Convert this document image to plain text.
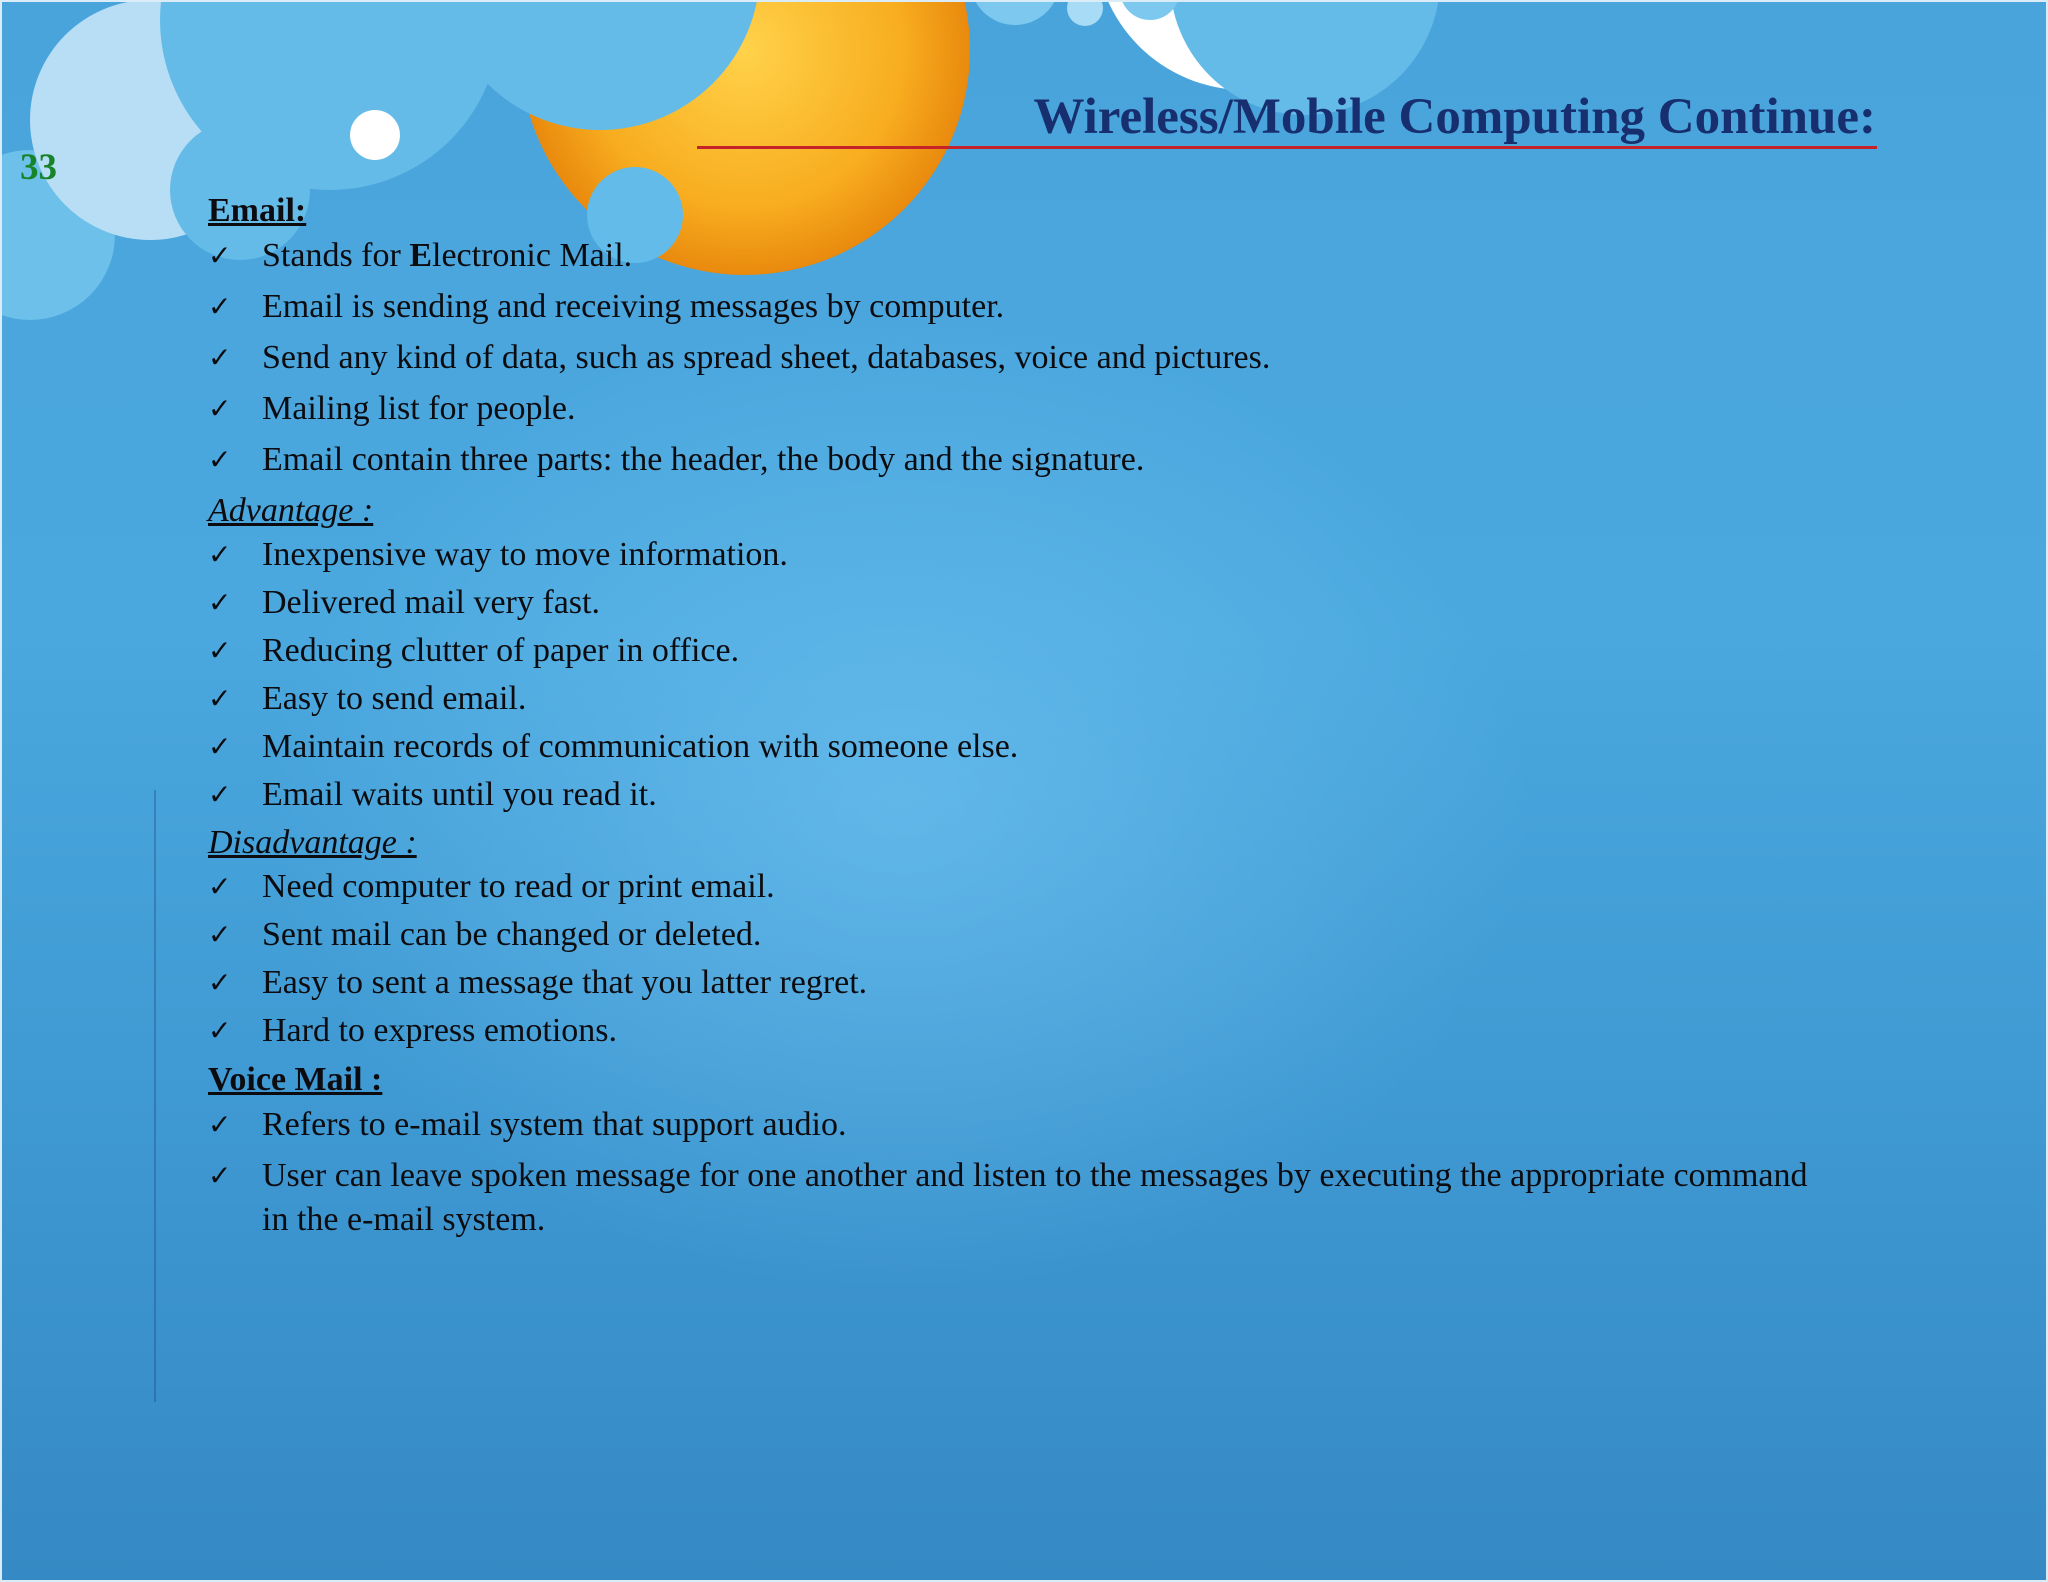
33
Wireless/Mobile Computing Continue:
Email:
✓ Stands for Electronic Mail.
✓ Email is sending and receiving messages by computer.
✓ Send any kind of data, such as spread sheet, databases, voice and pictures.
✓ Mailing list for people.
✓ Email contain three parts: the header, the body and the signature.
Advantage :
✓ Inexpensive way to move information.
✓ Delivered mail very fast.
✓ Reducing clutter of paper in office.
✓ Easy to send email.
✓ Maintain records of communication with someone else.
✓ Email waits until you read it.
Disadvantage :
✓ Need computer to read or print email.
✓ Sent mail can be changed or deleted.
✓ Easy to sent a message that you latter regret.
✓ Hard to express emotions.
Voice Mail :
✓ Refers to e-mail system that support audio.
✓ User can leave spoken message for one another and listen to the messages by executing the appropriate command in the e-mail system.
